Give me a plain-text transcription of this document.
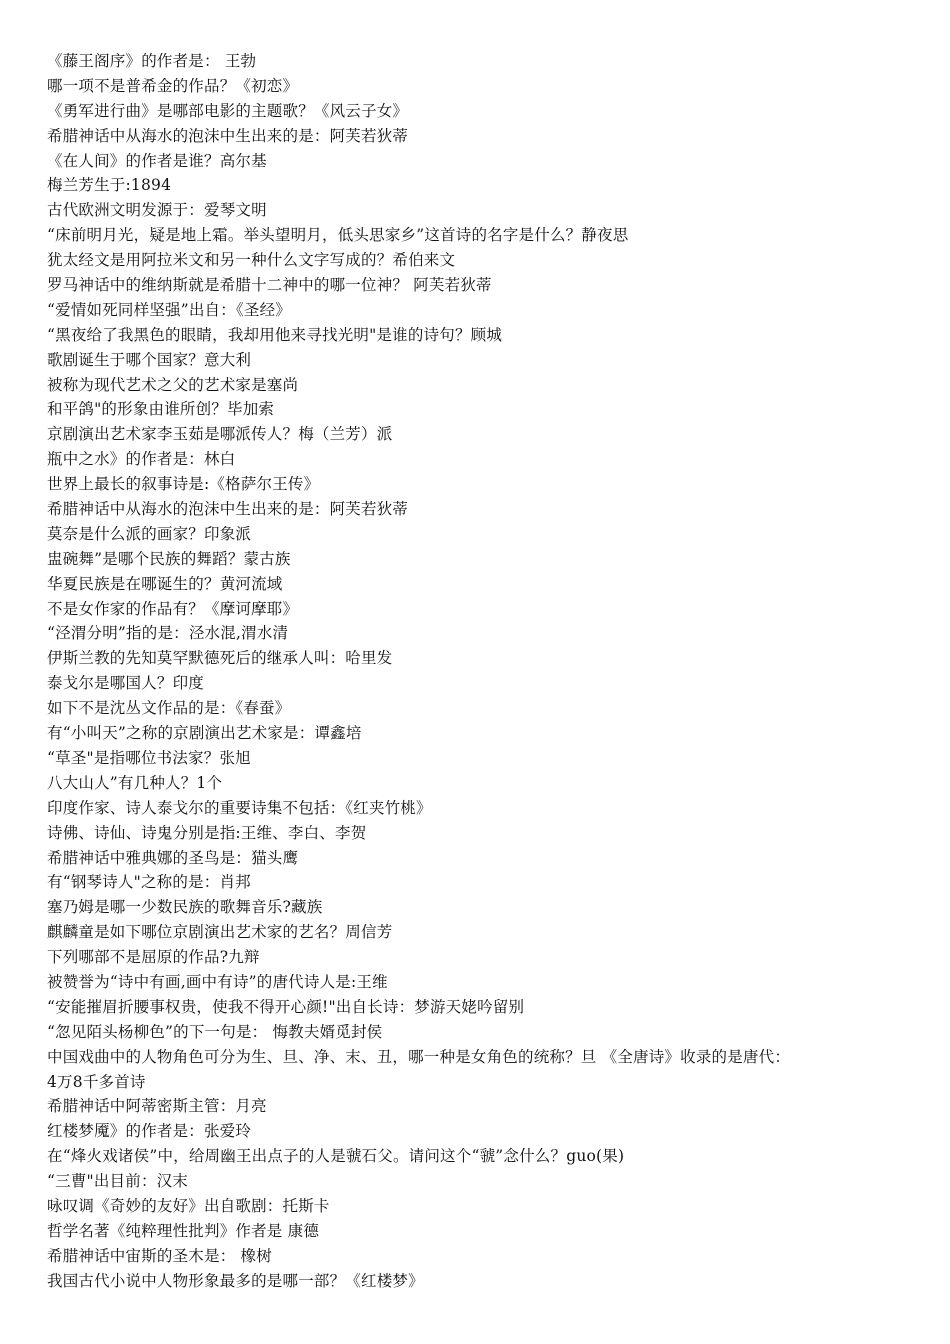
《藤王阁序》的作者是： 王勃
哪一项不是普希金的作品？《初恋》
《勇军进行曲》是哪部电影的主题歌？《风云子女》
希腊神话中从海水的泡沫中生出来的是：阿芙若狄蒂
《在人间》的作者是谁？高尔基
梅兰芳生于:1894
古代欧洲文明发源于：爱琴文明
“床前明月光，疑是地上霜。举头望明月，低头思家乡”这首诗的名字是什么？静夜思
犹太经文是用阿拉米文和另一种什么文字写成的？希伯来文
罗马神话中的维纳斯就是希腊十二神中的哪一位神？ 阿芙若狄蒂
“爱情如死同样坚强”出自：《圣经》
“黑夜给了我黑色的眼睛，我却用他来寻找光明"是谁的诗句？顾城
歌剧诞生于哪个国家？意大利
被称为现代艺术之父的艺术家是塞尚
和平鸽"的形象由谁所创？毕加索
京剧演出艺术家李玉茹是哪派传人？梅（兰芳）派
瓶中之水》的作者是：林白
世界上最长的叙事诗是:《格萨尔王传》
希腊神话中从海水的泡沫中生出来的是：阿芙若狄蒂
莫奈是什么派的画家？印象派
盅碗舞”是哪个民族的舞蹈？蒙古族
华夏民族是在哪诞生的？黄河流域
不是女作家的作品有？《摩诃摩耶》
“泾渭分明”指的是：泾水混,渭水清
伊斯兰教的先知莫罕默德死后的继承人叫：哈里发
泰戈尔是哪国人？印度
如下不是沈丛文作品的是：《春蚕》
有“小叫天”之称的京剧演出艺术家是：谭鑫培
“草圣"是指哪位书法家？张旭
八大山人”有几种人？1个
印度作家、诗人泰戈尔的重要诗集不包括：《红夹竹桃》
诗佛、诗仙、诗鬼分别是指:王维、李白、李贺
希腊神话中雅典娜的圣鸟是：猫头鹰
有“钢琴诗人"之称的是：肖邦
塞乃姆是哪一少数民族的歌舞音乐?藏族
麒麟童是如下哪位京剧演出艺术家的艺名？周信芳
下列哪部不是屈原的作品?九辩
被赞誉为“诗中有画,画中有诗”的唐代诗人是:王维
“安能摧眉折腰事权贵，使我不得开心颜!"出自长诗：梦游天姥吟留别
“忽见陌头杨柳色”的下一句是： 悔教夫婿觅封侯
中国戏曲中的人物角色可分为生、旦、净、末、丑，哪一种是女角色的统称？旦 《全唐诗》收录的是唐代：
4万8千多首诗
希腊神话中阿蒂密斯主管：月亮
红楼梦魇》的作者是：张爱玲
在“烽火戏诸侯”中，给周幽王出点子的人是虢石父。请问这个“虢”念什么？guo(果)
“三曹"出目前：汉末
咏叹调《奇妙的友好》出自歌剧：托斯卡
哲学名著《纯粹理性批判》作者是 康德
希腊神话中宙斯的圣木是： 橡树
我国古代小说中人物形象最多的是哪一部？《红楼梦》
